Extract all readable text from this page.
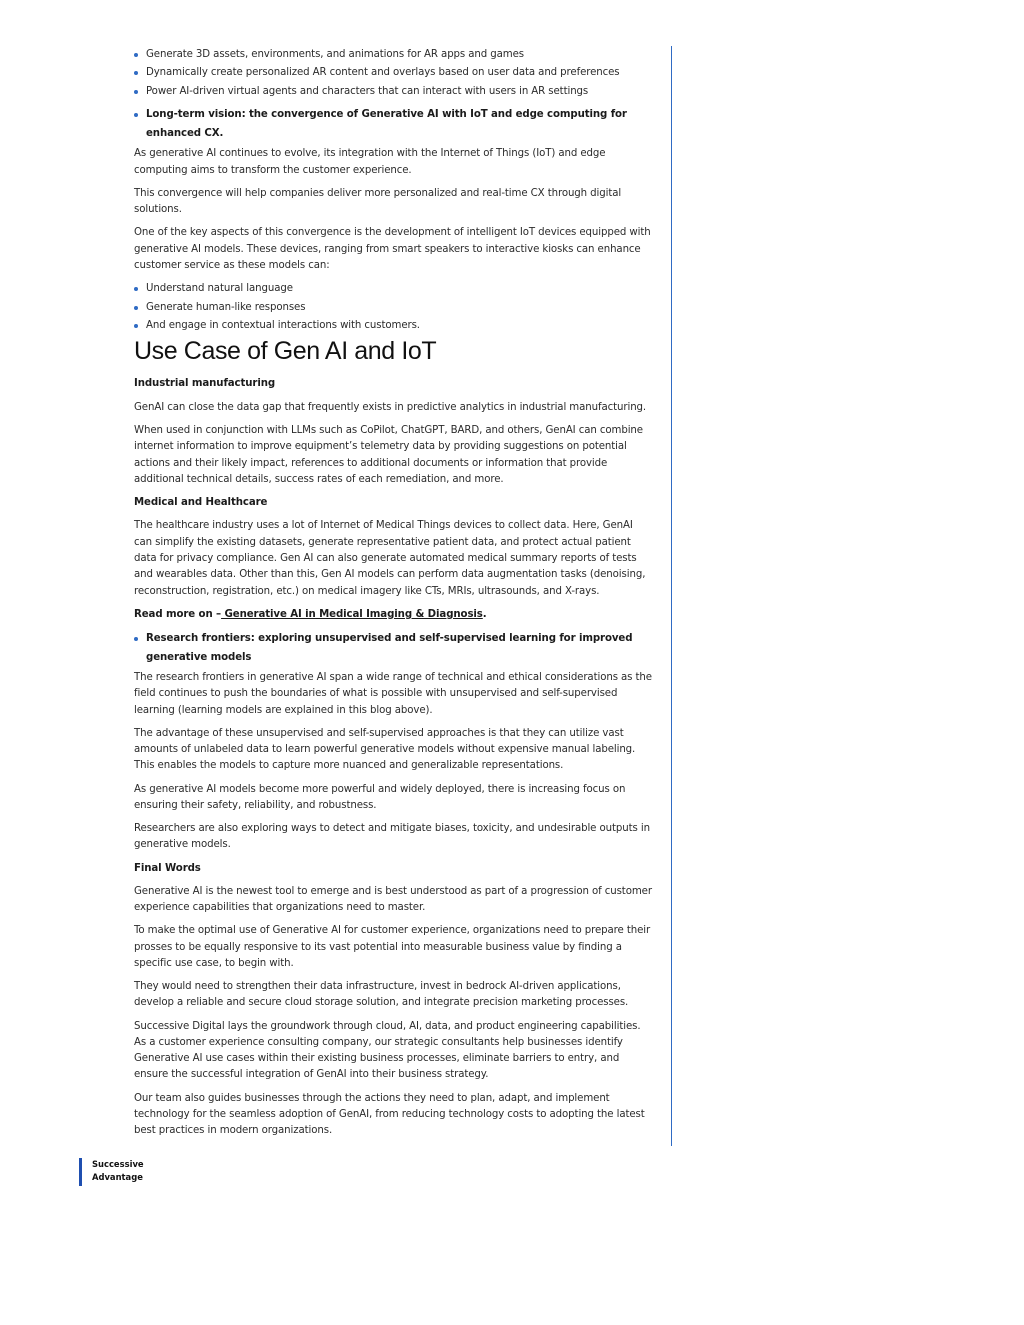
Generate 3D assets, environments, and animations for AR apps and games
Dynamically create personalized AR content and overlays based on user data and preferences
Power AI-driven virtual agents and characters that can interact with users in AR settings
Long-term vision: the convergence of Generative AI with IoT and edge computing for enhanced CX.

As generative AI continues to evolve, its integration with the Internet of Things (IoT) and edge computing aims to transform the customer experience.

This convergence will help companies deliver more personalized and real-time CX through digital solutions.

One of the key aspects of this convergence is the development of intelligent IoT devices equipped with generative AI models. These devices, ranging from smart speakers to interactive kiosks can enhance customer service as these models can:

Understand natural language
Generate human-like responses
And engage in contextual interactions with customers.
Use Case of Gen AI and IoT

Industrial manufacturing

GenAI can close the data gap that frequently exists in predictive analytics in industrial manufacturing.

When used in conjunction with LLMs such as CoPilot, ChatGPT, BARD, and others, GenAI can combine internet information to improve equipment’s telemetry data by providing suggestions on potential actions and their likely impact, references to additional documents or information that provide additional technical details, success rates of each remediation, and more.

Medical and Healthcare

The healthcare industry uses a lot of Internet of Medical Things devices to collect data. Here, GenAI can simplify the existing datasets, generate representative patient data, and protect actual patient data for privacy compliance. Gen AI can also generate automated medical summary reports of tests and wearables data. Other than this, Gen AI models can perform data augmentation tasks (denoising, reconstruction, registration, etc.) on medical imagery like CTs, MRIs, ultrasounds, and X-rays.

Read more on – Generative AI in Medical Imaging & Diagnosis.

Research frontiers: exploring unsupervised and self-supervised learning for improved generative models

The research frontiers in generative AI span a wide range of technical and ethical considerations as the field continues to push the boundaries of what is possible with unsupervised and self-supervised learning (learning models are explained in this blog above).

The advantage of these unsupervised and self-supervised approaches is that they can utilize vast amounts of unlabeled data to learn powerful generative models without expensive manual labeling. This enables the models to capture more nuanced and generalizable representations.

As generative AI models become more powerful and widely deployed, there is increasing focus on ensuring their safety, reliability, and robustness.

Researchers are also exploring ways to detect and mitigate biases, toxicity, and undesirable outputs in generative models.

Final Words

Generative AI is the newest tool to emerge and is best understood as part of a progression of customer experience capabilities that organizations need to master.

To make the optimal use of Generative AI for customer experience, organizations need to prepare their prosses to be equally responsive to its vast potential into measurable business value by finding a specific use case, to begin with.

They would need to strengthen their data infrastructure, invest in bedrock AI-driven applications, develop a reliable and secure cloud storage solution, and integrate precision marketing processes.

Successive Digital lays the groundwork through cloud, AI, data, and product engineering capabilities. As a customer experience consulting company, our strategic consultants help businesses identify Generative AI use cases within their existing business processes, eliminate barriers to entry, and ensure the successful integration of GenAI into their business strategy.

Our team also guides businesses through the actions they need to plan, adapt, and implement technology for the seamless adoption of GenAI, from reducing technology costs to adopting the latest best practices in modern organizations.

Successive
Advantage
